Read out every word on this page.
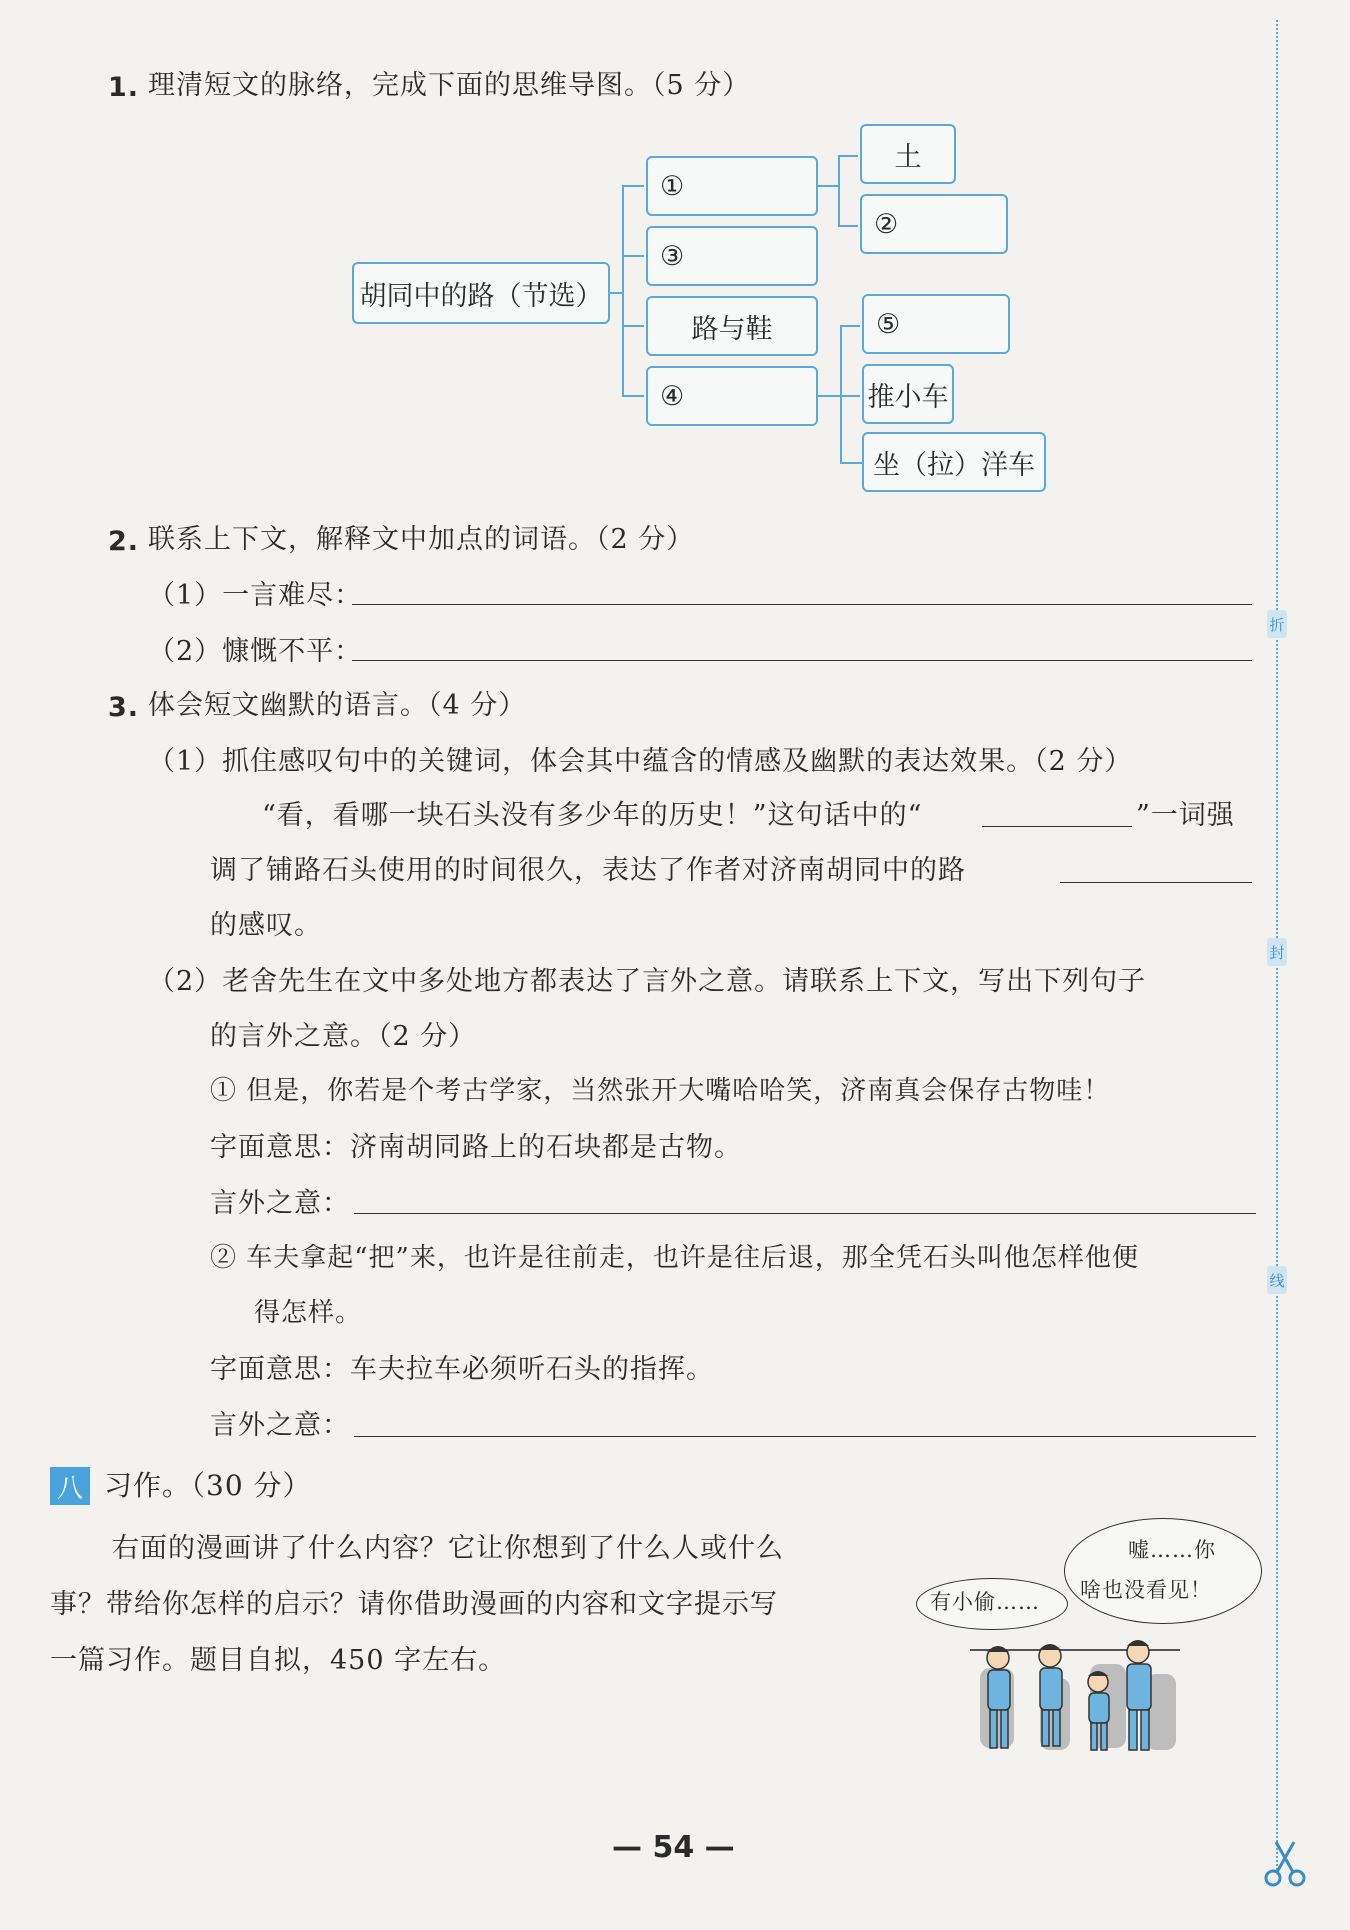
1. 理清短文的脉络，完成下面的思维导图。（5 分）
胡同中的路（节选）
①
③
路与鞋
④
土
②
⑤
推小车
坐（拉）洋车
2. 联系上下文，解释文中加点的词语。（2 分）
（1）一言难尽：
（2）慷慨不平：
3. 体会短文幽默的语言。（4 分）
（1）抓住感叹句中的关键词，体会其中蕴含的情感及幽默的表达效果。（2 分）
“看，看哪一块石头没有多少年的历史！”这句话中的“	”一词强
调了铺路石头使用的时间很久，表达了作者对济南胡同中的路
的感叹。
（2）老舍先生在文中多处地方都表达了言外之意。请联系上下文，写出下列句子
的言外之意。（2 分）
① 但是，你若是个考古学家，当然张开大嘴哈哈笑，济南真会保存古物哇！
字面意思：济南胡同路上的石块都是古物。
言外之意：
② 车夫拿起“把”来，也许是往前走，也许是往后退，那全凭石头叫他怎样他便
得怎样。
字面意思：车夫拉车必须听石头的指挥。
言外之意：
八 习作。（30 分）
右面的漫画讲了什么内容？它让你想到了什么人或什么
事？带给你怎样的启示？请你借助漫画的内容和文字提示写
一篇习作。题目自拟，450 字左右。
有小偷……
嘘……你
啥也没看见！
折
封
线
— 54 —
